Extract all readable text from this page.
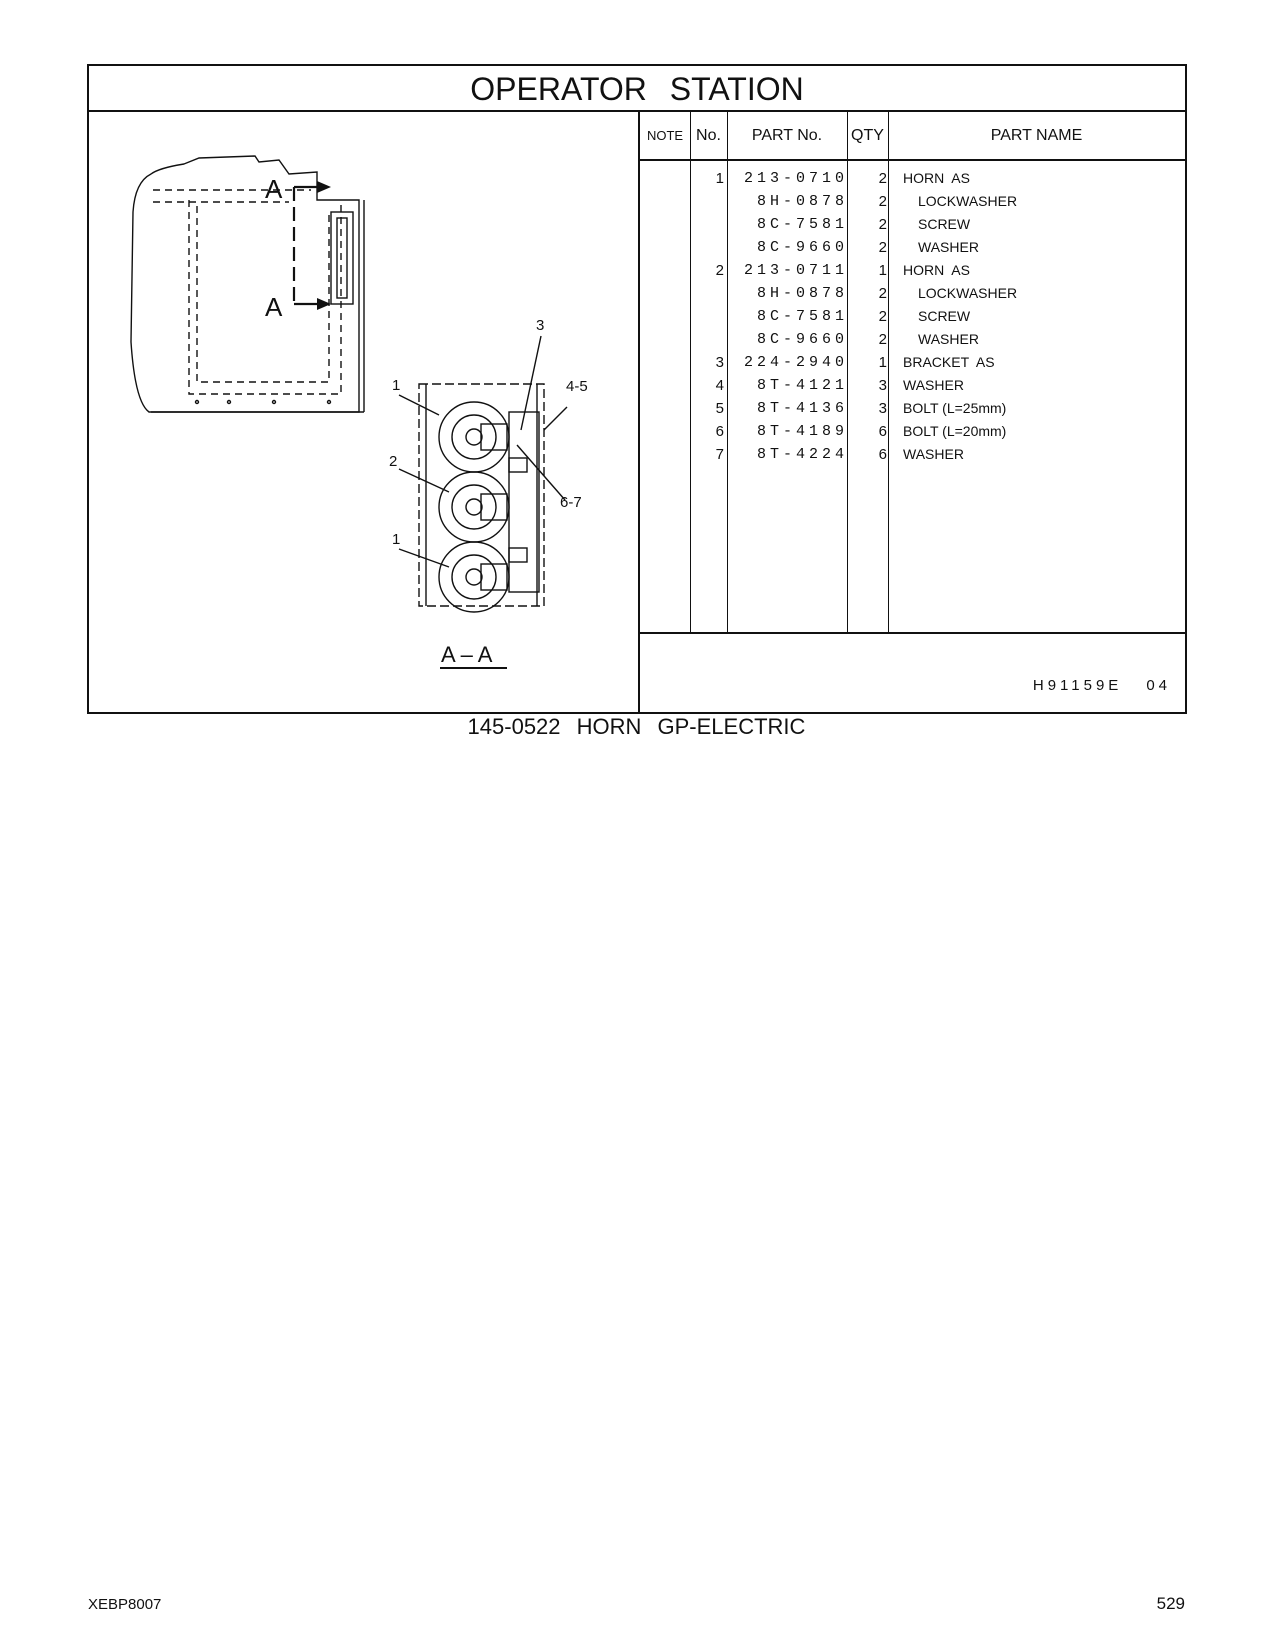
OPERATOR STATION
A
A
1
2
1
3
4-5
6-7
A – A
NOTE No.	PART No.	QTY	PART NAME
1	213-0710	2	HORN  AS
8H-0878	2	LOCKWASHER
8C-7581	2	SCREW
8C-9660	2	WASHER
2	213-0711	1	HORN  AS
8H-0878	2	LOCKWASHER
8C-7581	2	SCREW
8C-9660	2	WASHER
3	224-2940	1	BRACKET  AS
4	8T-4121	3	WASHER
5	8T-4136	3	BOLT (L=25mm)
6	8T-4189	6	BOLT (L=20mm)
7	8T-4224	6	WASHER
H91159E 04
145-0522 HORN GP-ELECTRIC
XEBP8007	529
